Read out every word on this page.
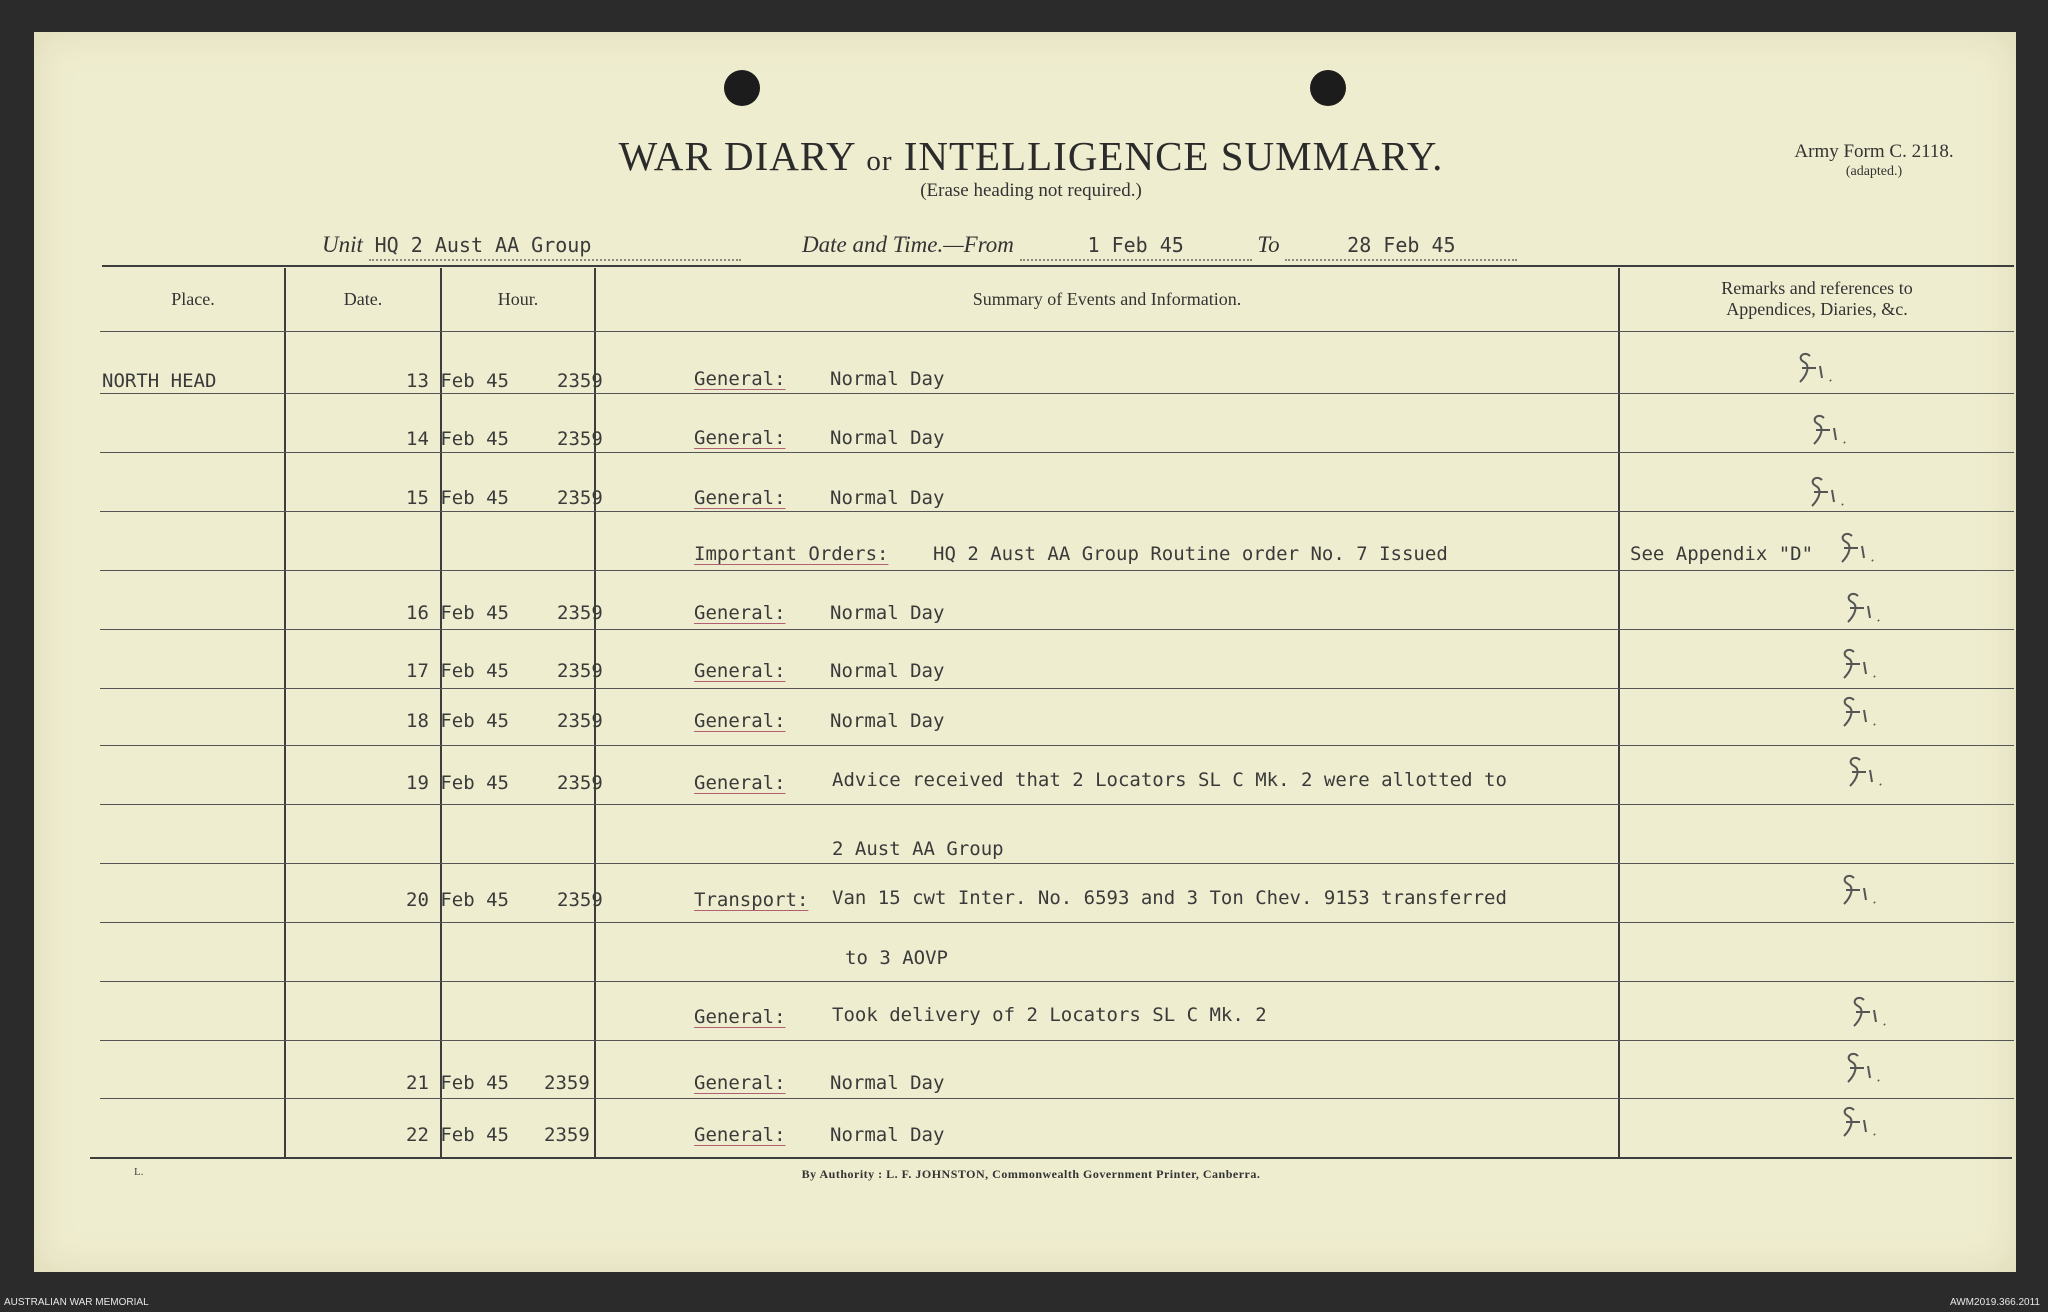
WAR DIARY or INTELLIGENCE SUMMARY.
(Erase heading not required.)
Army Form C. 2118.
(adapted.)
Unit HQ 2 Aust AA Group	Date and Time.—From	1 Feb 45	To	28 Feb 45
Place.	Date.	Hour.	Summary of Events and Information.
Remarks and references to
Appendices, Diaries, &c.
NORTH HEAD	13 Feb 45	2359	General: Normal Day
14 Feb 45	2359	General: Normal Day
15 Feb 45	2359	General: Normal Day
Important Orders: HQ 2 Aust AA Group Routine order No. 7 Issued	See Appendix "D"
16 Feb 45	2359	General: Normal Day
17 Feb 45	2359	General: Normal Day
18 Feb 45	2359	General: Normal Day
19 Feb 45	2359	General: Advice received that 2 Locators SL C Mk. 2 were allotted to
2 Aust AA Group
20 Feb 45	2359	Transport: Van 15 cwt Inter. No. 6593 and 3 Ton Chev. 9153 transferred
to 3 AOVP
General: Took delivery of 2 Locators SL C Mk. 2
21 Feb 45 2359	General: Normal Day
22 Feb 45 2359	General: Normal Day
L.	By Authority : L. F. JOHNSTON, Commonwealth Government Printer, Canberra.
AUSTRALIAN WAR MEMORIAL	AWM2019.366.2011
